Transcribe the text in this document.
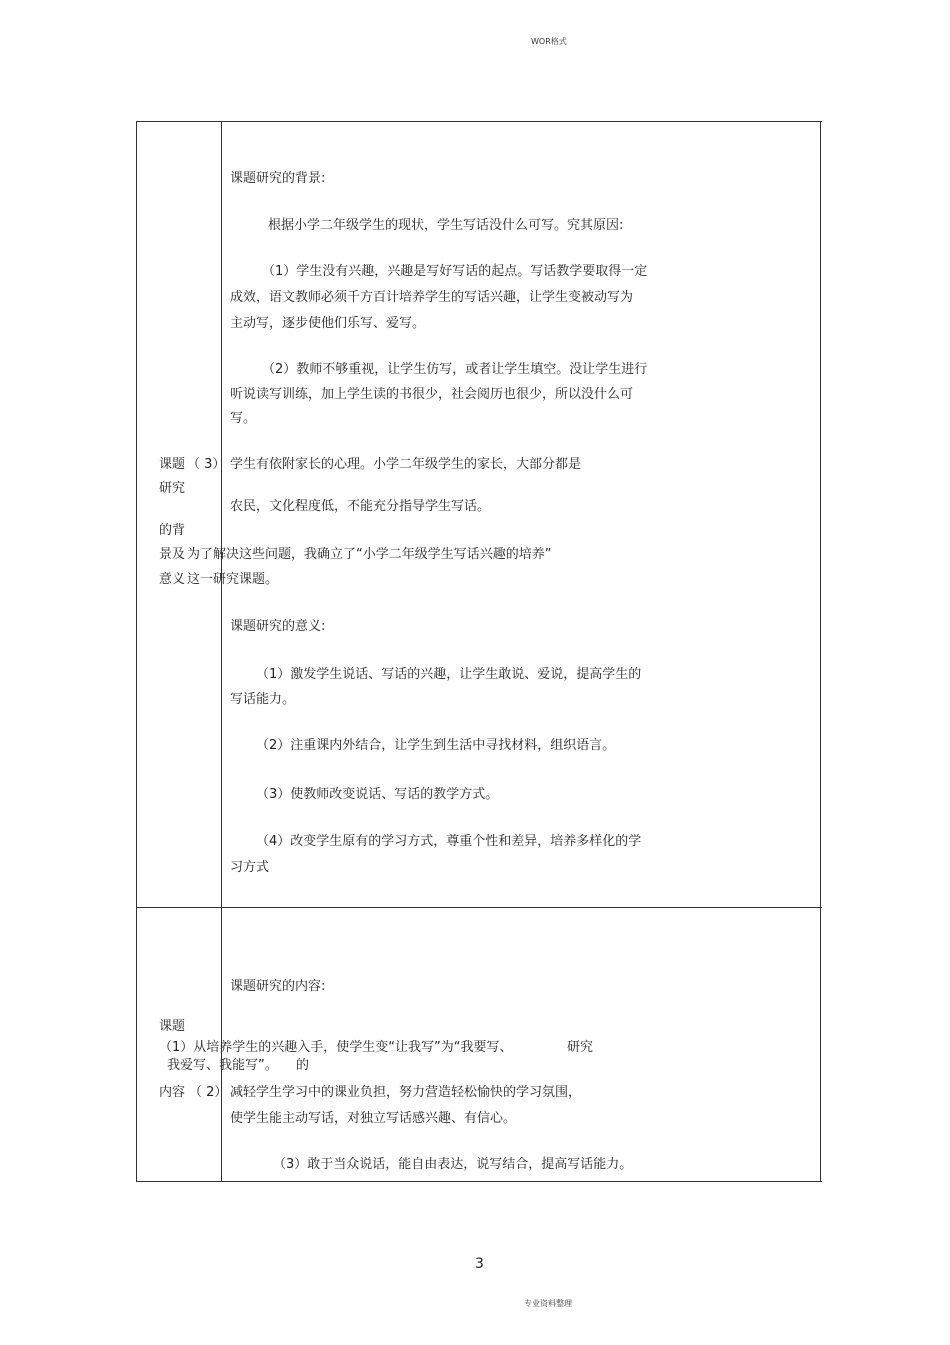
WOR格式
3
专业资料整理
课题
研究
的背
景及
意义
课题研究的背景:
根据小学二年级学生的现状，学生写话没什么可写。究其原因:
（1）学生没有兴趣，兴趣是写好写话的起点。写话教学要取得一定
成效，语文教师必须千方百计培养学生的写话兴趣，让学生变被动写为
主动写，逐步使他们乐写、爱写。
（2）教师不够重视，让学生仿写，或者让学生填空。没让学生进行
听说读写训练，加上学生读的书很少，社会阅历也很少，所以没什么可
写。
（ 3） 学生有依附家长的心理。小学二年级学生的家长，大部分都是
农民，文化程度低，不能充分指导学生写话。
为了解决这些问题，我确立了“小学二年级学生写话兴趣的培养”
这一研究课题。
课题研究的意义:
（1）激发学生说话、写话的兴趣，让学生敢说、爱说，提高学生的
写话能力。
（2）注重课内外结合，让学生到生活中寻找材料，组织语言。
（3）使教师改变说话、写话的教学方式。
（4）改变学生原有的学习方式，尊重个性和差异，培养多样化的学
习方式
课题
研究
的
内容
课题研究的内容:
（1）从培养学生的兴趣入手，使学生变“让我写”为“我要写、
我爱写、我能写”。
（ 2） 减轻学生学习中的课业负担，努力营造轻松愉快的学习氛围，
使学生能主动写话，对独立写话感兴趣、有信心。
（3）敢于当众说话，能自由表达，说写结合，提高写话能力。
